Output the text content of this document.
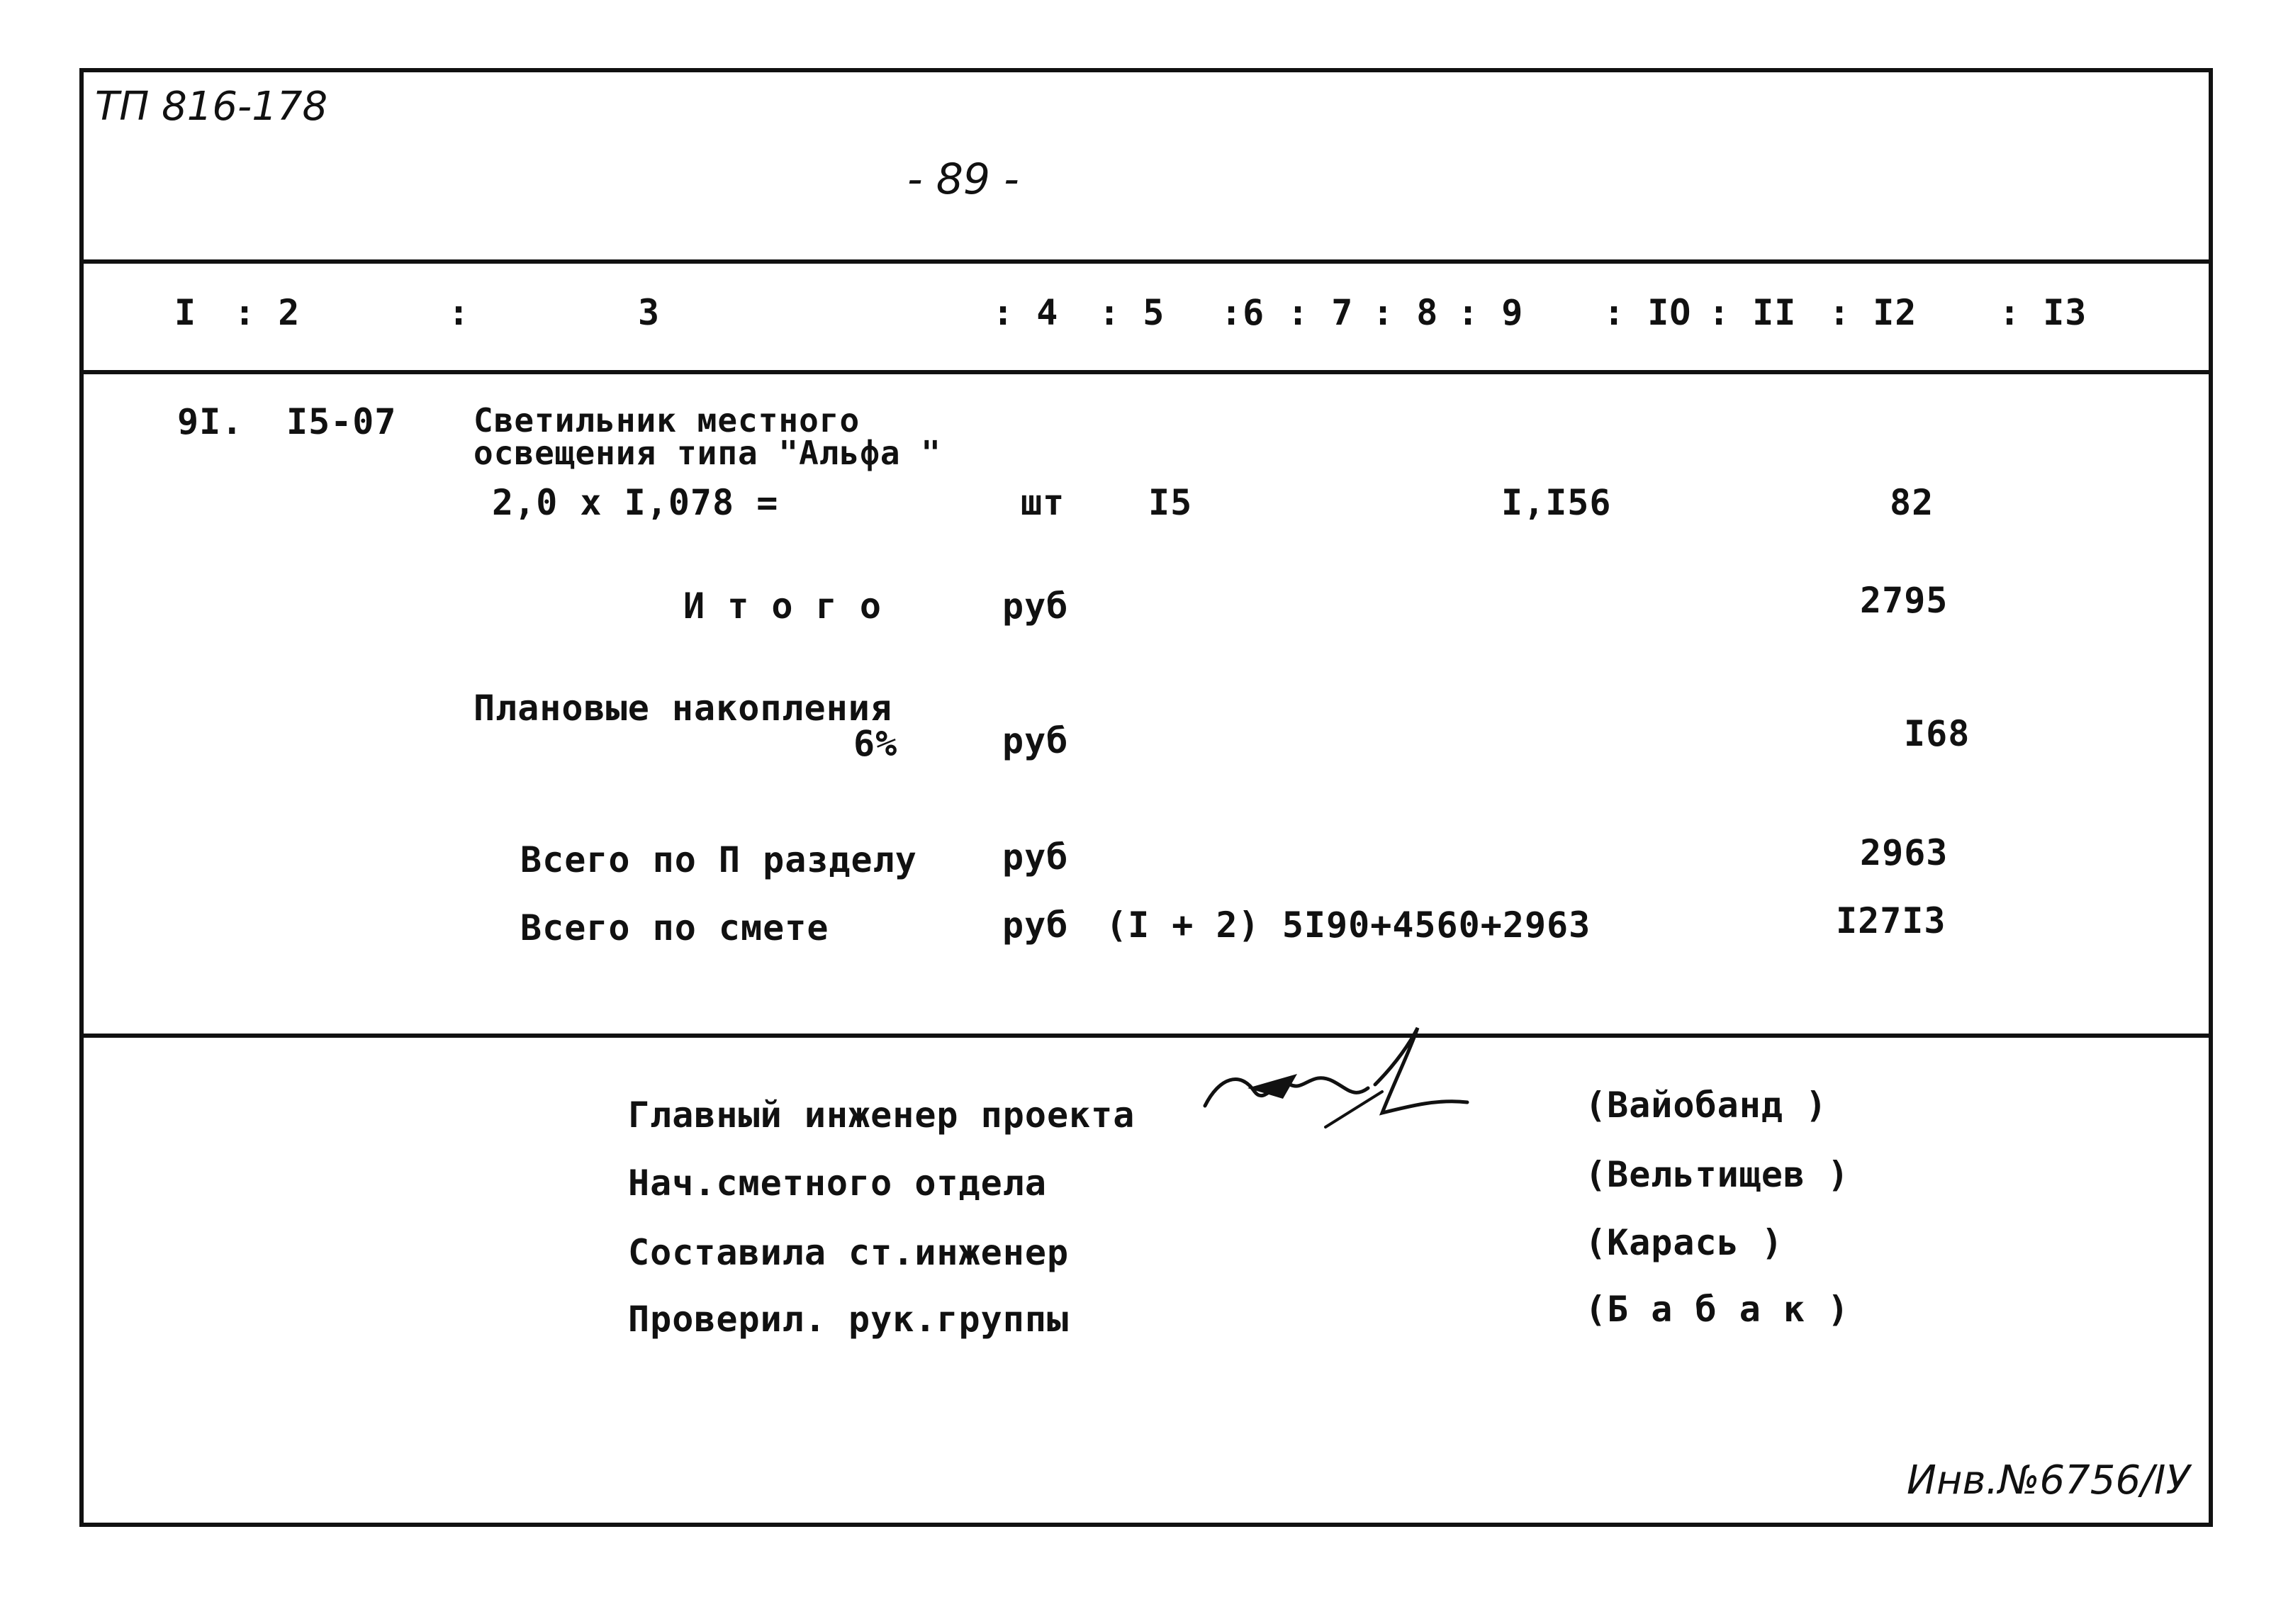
ТП 816-178
- 89 -
I : 2	:	3	: 4 : 5 :6 : 7 : 8 : 9 : IO : II : I2 : I3
9I. I5-07 Светильник местного
освещения типа "Альфа "
2,0 x I,078 =	шт I5	I,I56	82
И т о г о	руб	2795
Плановые накопления
6%	руб	I68
Всего по П разделу руб	2963
Всего по смете	руб (I + 2) 5I90+4560+2963	I27I3
Главный инженер проекта	(Вайобанд )
Нач.сметного отдела	(Вельтищев )
Составила ст.инженер	(Карась )
Проверил. рук.группы	(Б а б а к )
Инв.№6756/IУ
